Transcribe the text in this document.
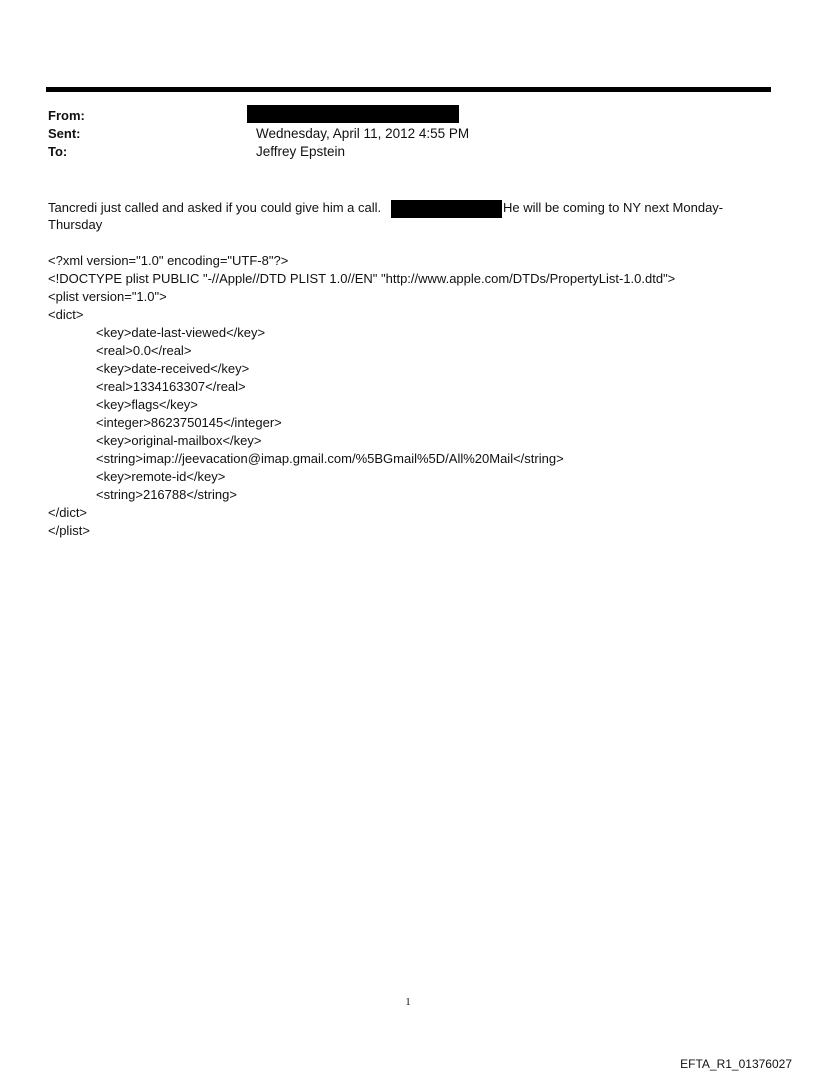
From:
Sent:	Wednesday, April 11, 2012 4:55 PM
To:	Jeffrey Epstein
Tancredi just called and asked if you could give him a call.	He will be coming to NY next Monday-
Thursday
<?xml version="1.0" encoding="UTF-8"?>
<!DOCTYPE plist PUBLIC "-//Apple//DTD PLIST 1.0//EN" "http://www.apple.com/DTDs/PropertyList-1.0.dtd">
<plist version="1.0">
<dict>
<key>date-last-viewed</key>
<real>0.0</real>
<key>date-received</key>
<real>1334163307</real>
<key>flags</key>
<integer>8623750145</integer>
<key>original-mailbox</key>
<string>imap://jeevacation@imap.gmail.com/%5BGmail%5D/All%20Mail</string>
<key>remote-id</key>
<string>216788</string>
</dict>
</plist>
1
EFTA_R1_01376027
